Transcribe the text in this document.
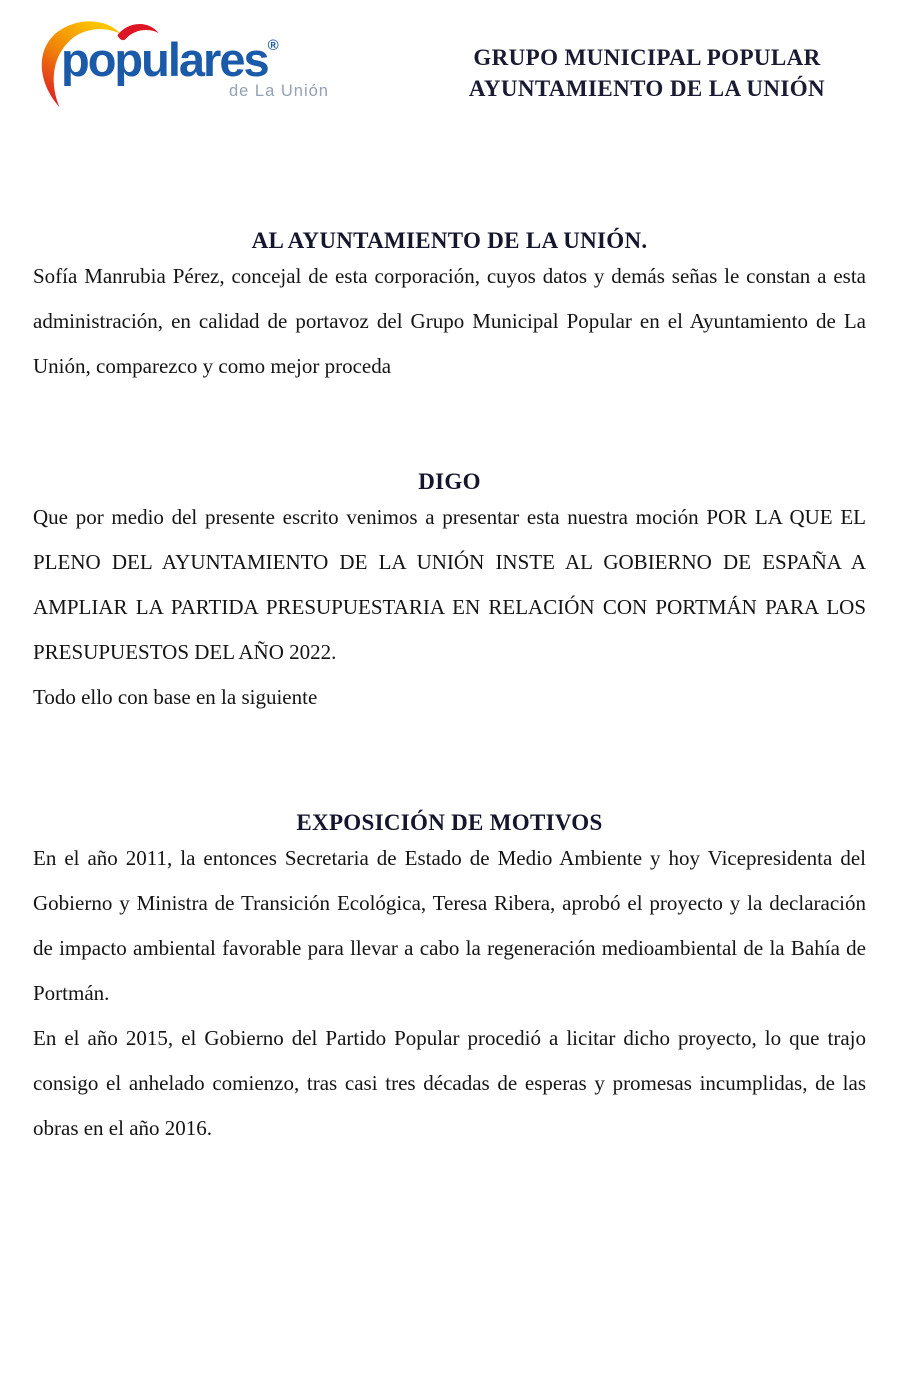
populares®
de La Unión
GRUPO MUNICIPAL POPULAR
AYUNTAMIENTO DE LA UNIÓN
AL AYUNTAMIENTO DE LA UNIÓN.

Sofía Manrubia Pérez, concejal de esta corporación, cuyos datos y demás señas le constan a esta administración, en calidad de portavoz del Grupo Municipal Popular en el Ayuntamiento de La Unión, comparezco y como mejor proceda

DIGO

Que por medio del presente escrito venimos a presentar esta nuestra moción POR LA QUE EL PLENO DEL AYUNTAMIENTO DE LA UNIÓN INSTE AL GOBIERNO DE ESPAÑA A AMPLIAR LA PARTIDA PRESUPUESTARIA EN RELACIÓN CON PORTMÁN PARA LOS PRESUPUESTOS DEL AÑO 2022.

Todo ello con base en la siguiente

EXPOSICIÓN DE MOTIVOS

En el año 2011, la entonces Secretaria de Estado de Medio Ambiente y hoy Vicepresidenta del Gobierno y Ministra de Transición Ecológica, Teresa Ribera, aprobó el proyecto y la declaración de impacto ambiental favorable para llevar a cabo la regeneración medioambiental de la Bahía de Portmán.

En el año 2015, el Gobierno del Partido Popular procedió a licitar dicho proyecto, lo que trajo consigo el anhelado comienzo, tras casi tres décadas de esperas y promesas incumplidas, de las obras en el año 2016.
